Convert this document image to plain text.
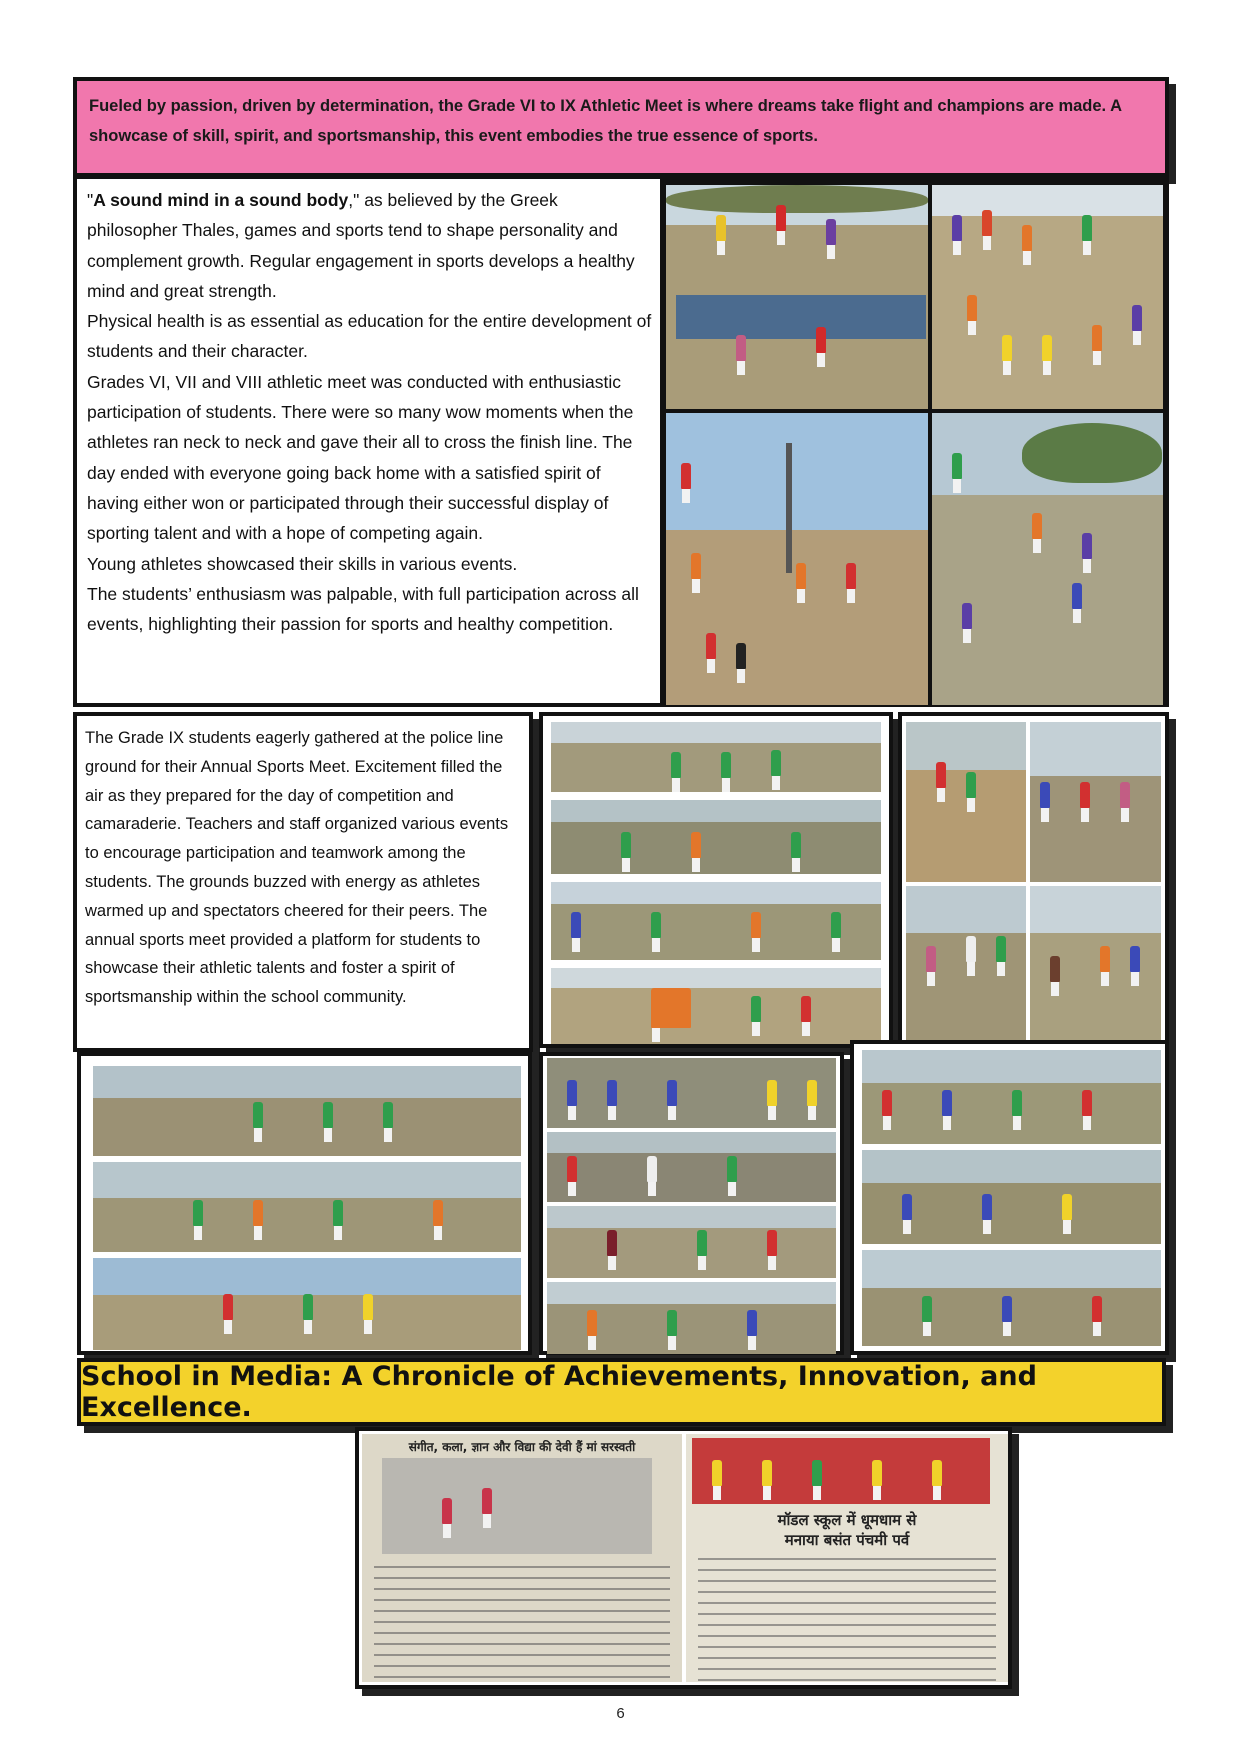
Fueled by passion, driven by determination, the Grade VI to IX Athletic Meet is where dreams take flight and champions are made. A showcase of skill, spirit, and sportsmanship, this event embodies the true essence of sports.

"A sound mind in a sound body," as believed by the Greek philosopher Thales, games and sports tend to shape personality and complement growth. Regular engagement in sports develops a healthy mind and great strength.

Physical health is as essential as education for the entire development of students and their character.

Grades VI, VII and VIII athletic meet was conducted with enthusiastic participation of students. There were so many wow moments when the athletes ran neck to neck and gave their all to cross the finish line. The day ended with everyone going back home with a satisfied spirit of having either won or participated through their successful display of sporting talent and with a hope of competing again.

Young athletes showcased their skills in various events.

The students’ enthusiasm was palpable, with full participation across all events, highlighting their passion for sports and healthy competition.

The Grade IX students eagerly gathered at the police line ground for their Annual Sports Meet. Excitement filled the air as they prepared for the day of competition and camaraderie. Teachers and staff organized various events to encourage participation and teamwork among the students. The grounds buzzed with energy as athletes warmed up and spectators cheered for their peers. The annual sports meet provided a platform for students to showcase their athletic talents and foster a spirit of sportsmanship within the school community.
School in Media: A Chronicle of Achievements, Innovation, and Excellence.
संगीत, कला, ज्ञान और विद्या की देवी हैं मां सरस्वती
मॉडल स्कूल में धूमधाम से
मनाया बसंत पंचमी पर्व
6
